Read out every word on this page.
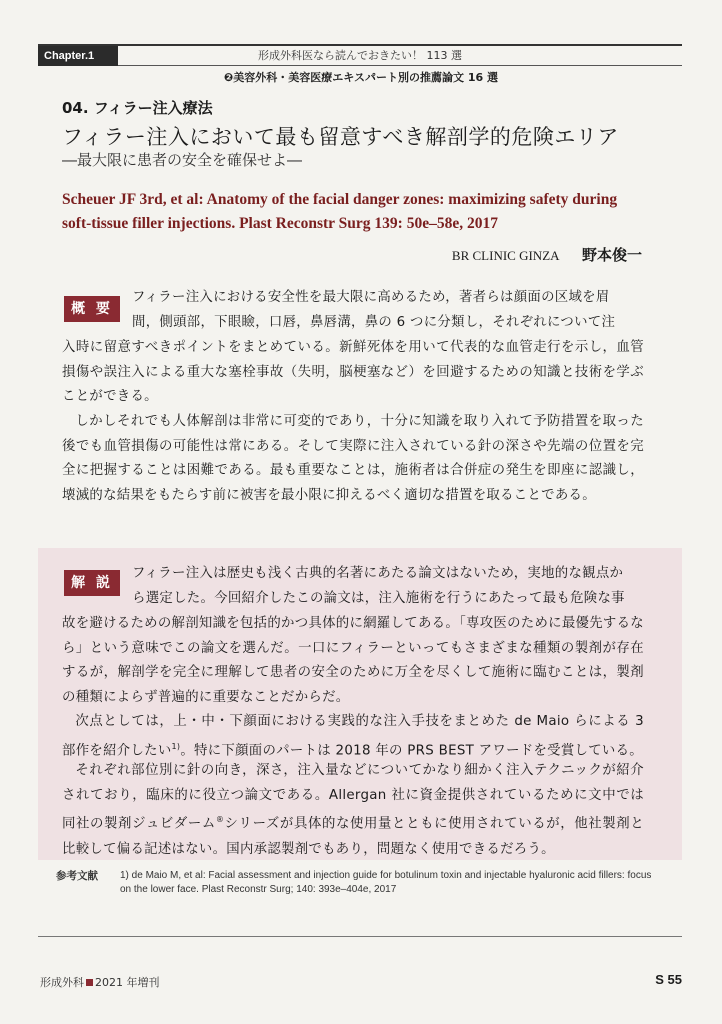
Chapter.1	形成外科医なら読んでおきたい！ 113 選
❷美容外科・美容医療エキスパート別の推薦論文 16 選
04. フィラー注入療法
フィラー注入において最も留意すべき解剖学的危険エリア
―最大限に患者の安全を確保せよ―
Scheuer JF 3rd, et al: Anatomy of the facial danger zones: maximizing safety during soft-tissue filler injections. Plast Reconstr Surg 139: 50e–58e, 2017
BR CLINIC GINZA 野本俊一
概 要
フィラー注入における安全性を最大限に高めるため，著者らは顔面の区域を眉
間，側頭部，下眼瞼，口唇，鼻唇溝，鼻の 6 つに分類し，それぞれについて注
入時に留意すべきポイントをまとめている。新鮮死体を用いて代表的な血管走行を示し，血管損傷や誤注入による重大な塞栓事故（失明，脳梗塞など）を回避するための知識と技術を学ぶことができる。
しかしそれでも人体解剖は非常に可変的であり，十分に知識を取り入れて予防措置を取った後でも血管損傷の可能性は常にある。そして実際に注入されている針の深さや先端の位置を完全に把握することは困難である。最も重要なことは，施術者は合併症の発生を即座に認識し，壊滅的な結果をもたらす前に被害を最小限に抑えるべく適切な措置を取ることである。
解 説
フィラー注入は歴史も浅く古典的名著にあたる論文はないため，実地的な観点か
ら選定した。今回紹介したこの論文は，注入施術を行うにあたって最も危険な事
故を避けるための解剖知識を包括的かつ具体的に網羅してある。「専攻医のために最優先するなら」という意味でこの論文を選んだ。一口にフィラーといってもさまざまな種類の製剤が存在するが，解剖学を完全に理解して患者の安全のために万全を尽くして施術に臨むことは，製剤の種類によらず普遍的に重要なことだからだ。
次点としては，上・中・下顔面における実践的な注入手技をまとめた de Maio らによる 3 部作を紹介したい$^{1)}$。特に下顔面のパートは 2018 年の PRS BEST アワードを受賞している。
それぞれ部位別に針の向き，深さ，注入量などについてかなり細かく注入テクニックが紹介されており，臨床的に役立つ論文である。Allergan 社に資金提供されているために文中では同社の製剤ジュビダーム®シリーズが具体的な使用量とともに使用されているが，他社製剤と比較して偏る記述はない。国内承認製剤でもあり，問題なく使用できるだろう。
参考文献 1) de Maio M, et al: Facial assessment and injection guide for botulinum toxin and injectable hyaluronic acid fillers: focus on the lower face. Plast Reconstr Surg; 140: 393e–404e, 2017
形成外科 2021 年増刊	S 55
